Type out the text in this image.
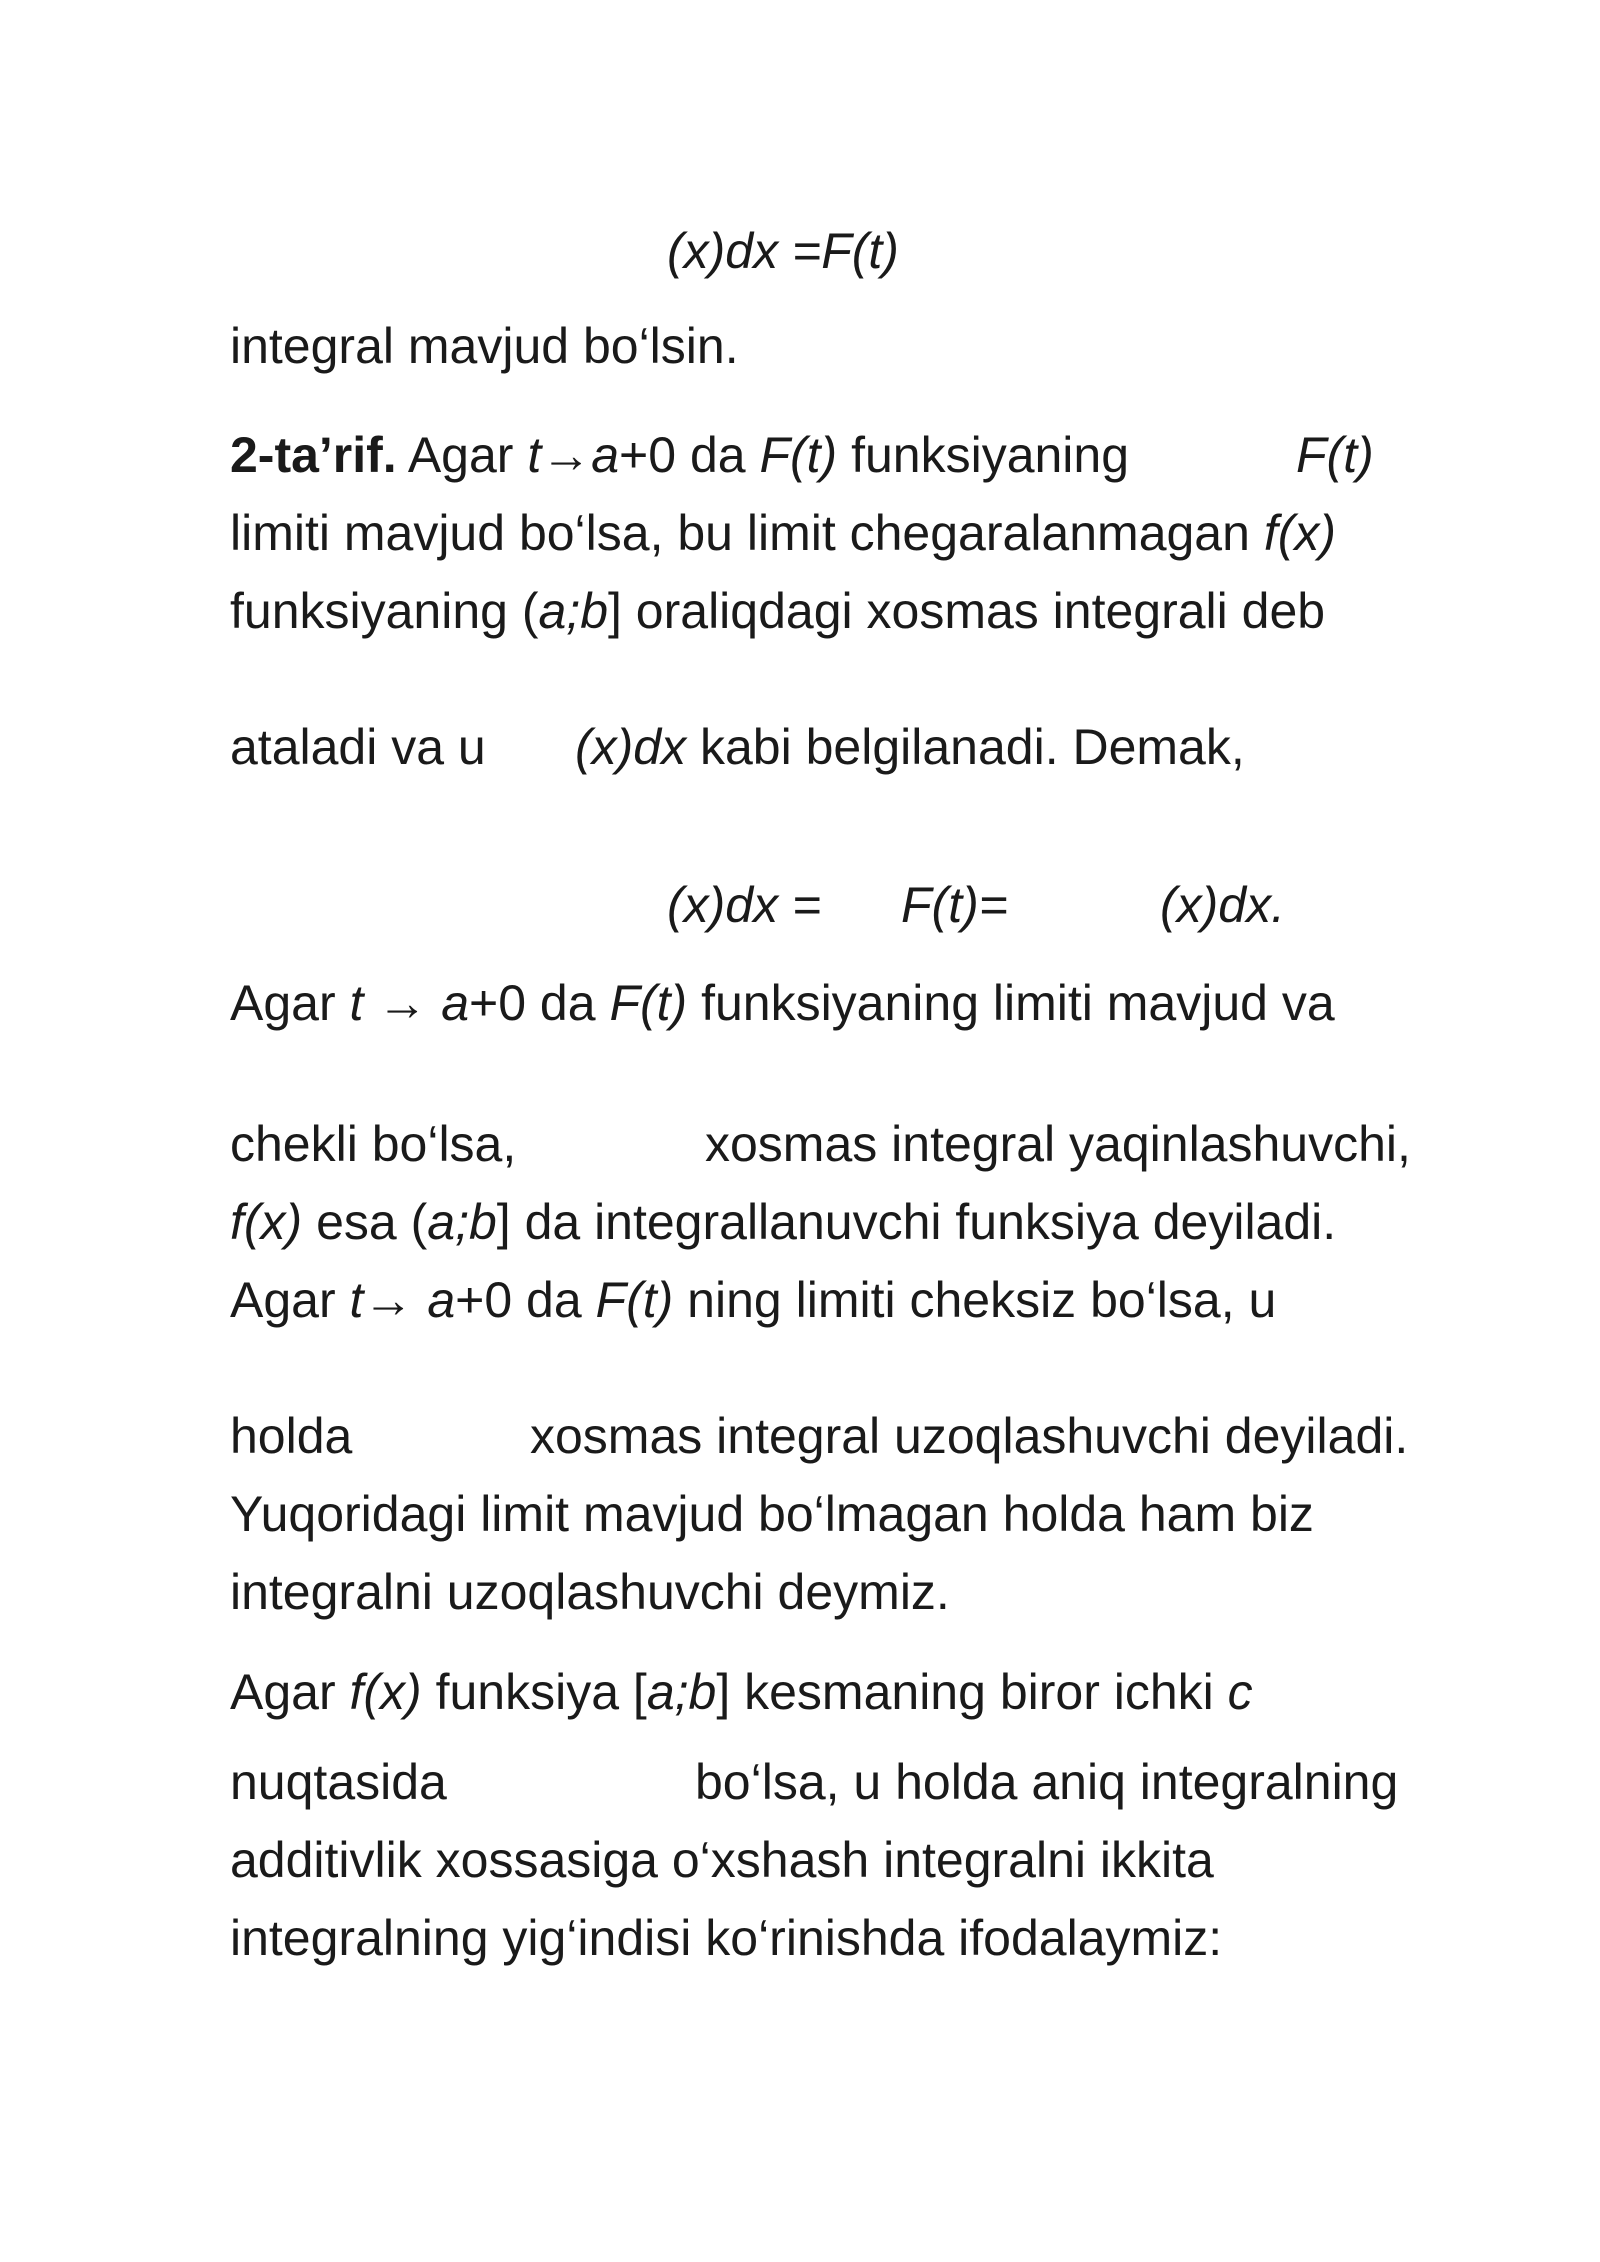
(x)dx =F(t)
integral mavjud bo‘lsin.
2-ta’rif. Agar t→a+0 da F(t) funksiyaning	F(t)
limiti mavjud bo‘lsa, bu limit chegaralanmagan f(x)
funksiyaning (a;b] oraliqdagi xosmas integrali deb
ataladi va u (x)dx kabi belgilanadi. Demak,
(x)dx = F(t)=	(x)dx.
Agar t → a+0 da F(t) funksiyaning limiti mavjud va
chekli bo‘lsa,	xosmas integral yaqinlashuvchi,
f(x) esa (a;b] da integrallanuvchi funksiya deyiladi.
Agar t→ a+0 da F(t) ning limiti cheksiz bo‘lsa, u
holda	xosmas integral uzoqlashuvchi deyiladi.
Yuqoridagi limit mavjud bo‘lmagan holda ham biz
integralni uzoqlashuvchi deymiz.
Agar f(x) funksiya [a;b] kesmaning biror ichki c
nuqtasida	bo‘lsa, u holda aniq integralning
additivlik xossasiga o‘xshash integralni ikkita
integralning yig‘indisi ko‘rinishda ifodalaymiz:
